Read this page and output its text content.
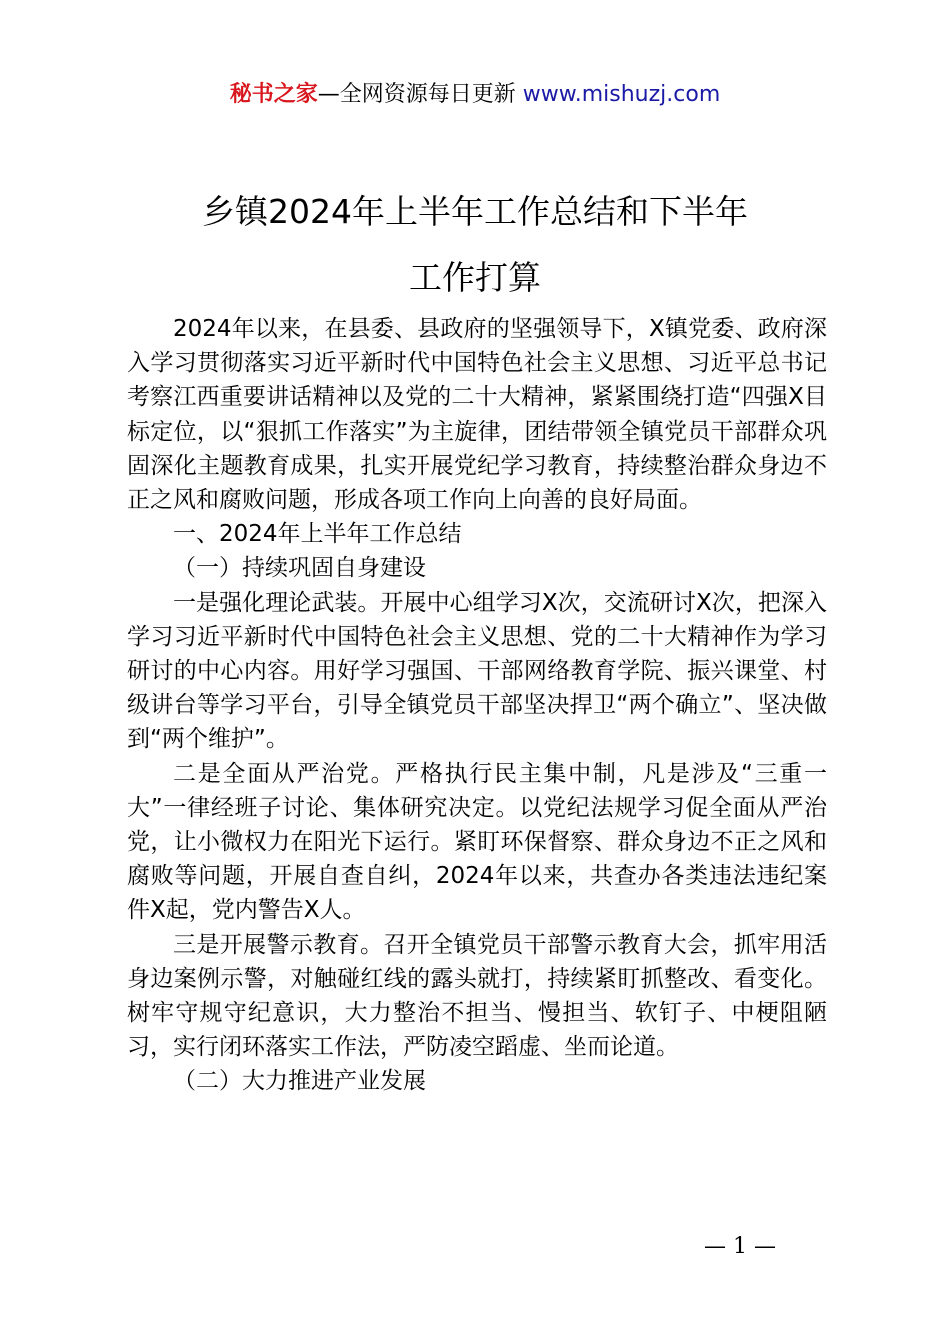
秘书之家—全网资源每日更新 www.mishuzj.com
乡镇2024年上半年工作总结和下半年
工作打算

2024年以来，在县委、县政府的坚强领导下，X镇党委、政府深入学习贯彻落实习近平新时代中国特色社会主义思想、习近平总书记考察江西重要讲话精神以及党的二十大精神，紧紧围绕打造“四强X目标定位，以“狠抓工作落实”为主旋律，团结带领全镇党员干部群众巩固深化主题教育成果，扎实开展党纪学习教育，持续整治群众身边不正之风和腐败问题，形成各项工作向上向善的良好局面。

一、2024年上半年工作总结

（一）持续巩固自身建设

一是强化理论武装。开展中心组学习X次，交流研讨X次，把深入学习习近平新时代中国特色社会主义思想、党的二十大精神作为学习研讨的中心内容。用好学习强国、干部网络教育学院、振兴课堂、村级讲台等学习平台，引导全镇党员干部坚决捍卫“两个确立”、坚决做到“两个维护”。

二是全面从严治党。严格执行民主集中制，凡是涉及“三重一大”一律经班子讨论、集体研究决定。以党纪法规学习促全面从严治党，让小微权力在阳光下运行。紧盯环保督察、群众身边不正之风和腐败等问题，开展自查自纠，2024年以来，共查办各类违法违纪案件X起，党内警告X人。

三是开展警示教育。召开全镇党员干部警示教育大会，抓牢用活身边案例示警，对触碰红线的露头就打，持续紧盯抓整改、看变化。树牢守规守纪意识，大力整治不担当、慢担当、软钉子、中梗阻陋习，实行闭环落实工作法，严防凌空蹈虚、坐而论道。

（二）大力推进产业发展

— 1 —
